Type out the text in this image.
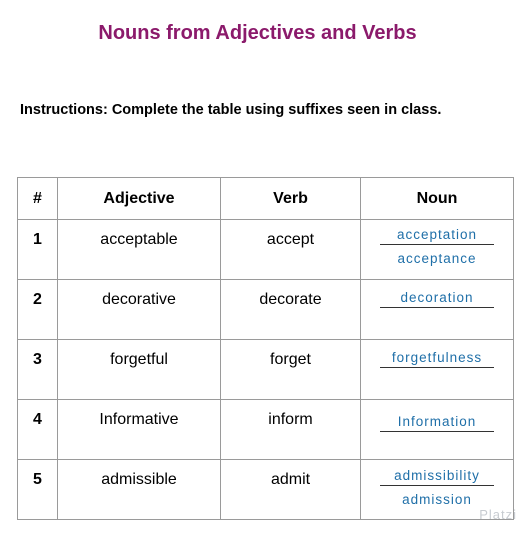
Nouns from Adjectives and Verbs
Instructions: Complete the table using suffixes seen in class.
#	Adjective	Verb	Noun
1	acceptable	accept	acceptation
acceptance

2	decorative	decorate	decoration

3	forgetful	forget	forgetfulness

4	Informative	inform	Information

5	admissible	admit	admissibility
admission
Platzi
